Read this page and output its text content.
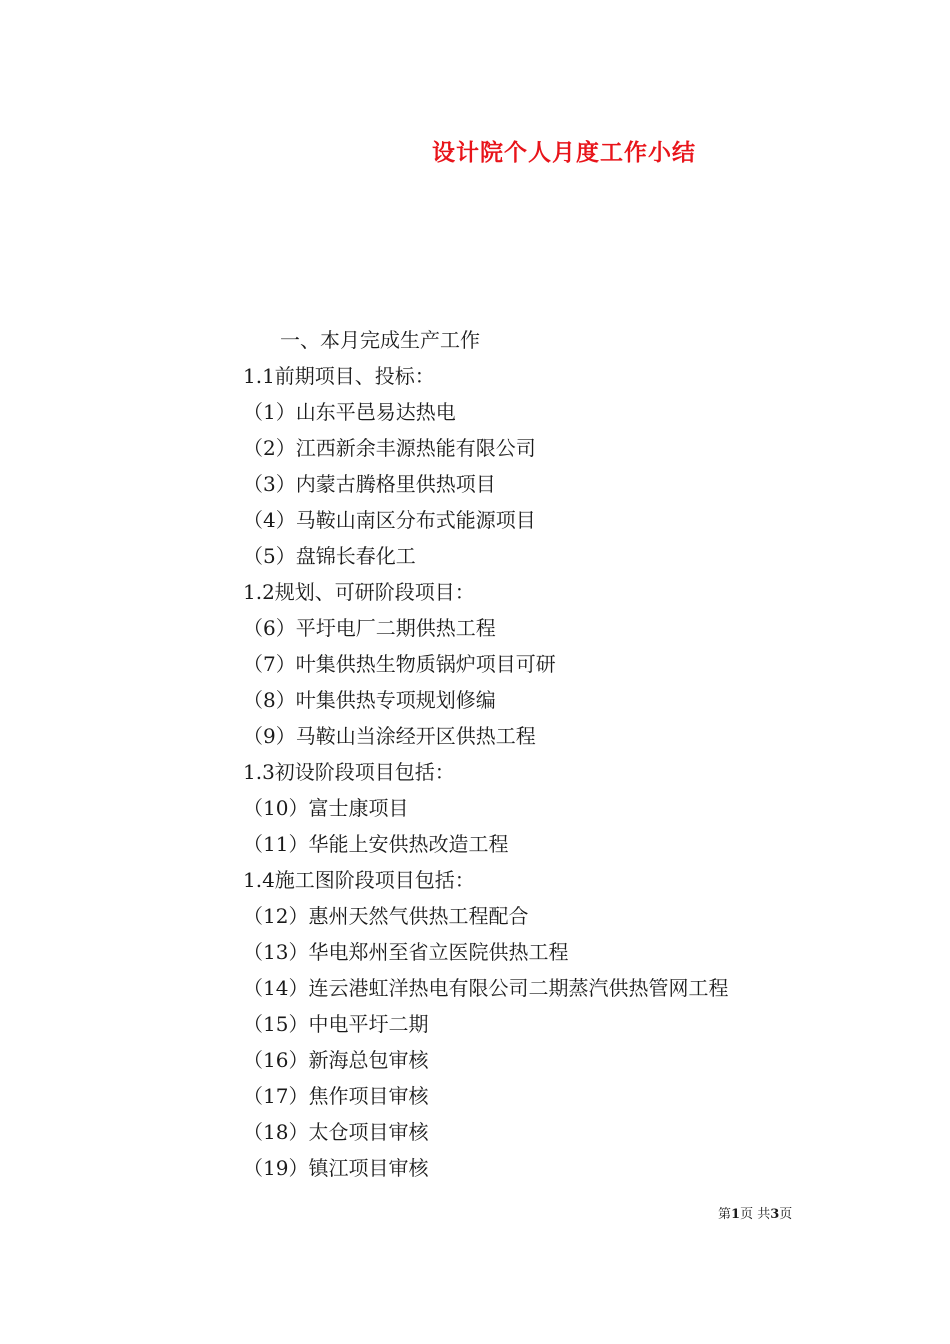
设计院个人月度工作小结
一、本月完成生产工作
1.1前期项目、投标：
（1）山东平邑易达热电
（2）江西新余丰源热能有限公司
（3）内蒙古腾格里供热项目
（4）马鞍山南区分布式能源项目
（5）盘锦长春化工
1.2规划、可研阶段项目：
（6）平圩电厂二期供热工程
（7）叶集供热生物质锅炉项目可研
（8）叶集供热专项规划修编
（9）马鞍山当涂经开区供热工程
1.3初设阶段项目包括：
（10）富士康项目
（11）华能上安供热改造工程
1.4施工图阶段项目包括：
（12）惠州天然气供热工程配合
（13）华电郑州至省立医院供热工程
（14）连云港虹洋热电有限公司二期蒸汽供热管网工程
（15）中电平圩二期
（16）新海总包审核
（17）焦作项目审核
（18）太仓项目审核
（19）镇江项目审核
第1页 共3页
